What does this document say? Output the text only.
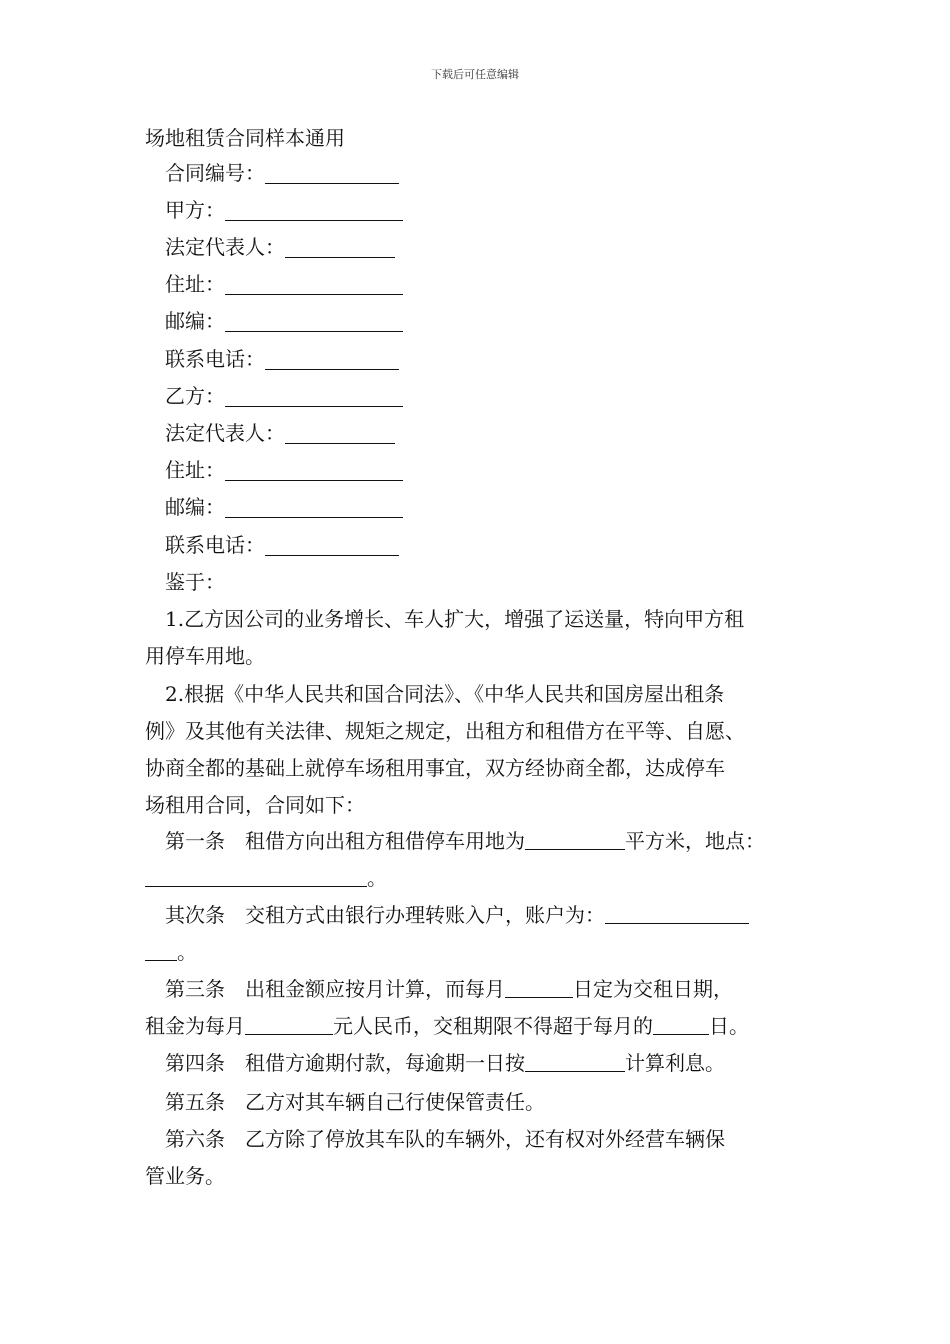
下载后可任意编辑
场地租赁合同样本通用
合同编号：
甲方：
法定代表人：
住址：
邮编：
联系电话：
乙方：
法定代表人：
住址：
邮编：
联系电话：
鉴于：
1.乙方因公司的业务增长、车人扩大，增强了运送量，特向甲方租
用停车用地。
2.根据《中华人民共和国合同法》、《中华人民共和国房屋出租条
例》及其他有关法律、规矩之规定，出租方和租借方在平等、自愿、
协商全都的基础上就停车场租用事宜，双方经协商全都，达成停车
场租用合同，合同如下：
第一条 租借方向出租方租借停车用地为	平方米，地点：
。
其次条 交租方式由银行办理转账入户，账户为：
。
第三条 出租金额应按月计算，而每月	日定为交租日期，
租金为每月	元人民币，交租期限不得超于每月的	日。
第四条 租借方逾期付款，每逾期一日按	计算利息。
第五条 乙方对其车辆自己行使保管责任。
第六条 乙方除了停放其车队的车辆外，还有权对外经营车辆保
管业务。
